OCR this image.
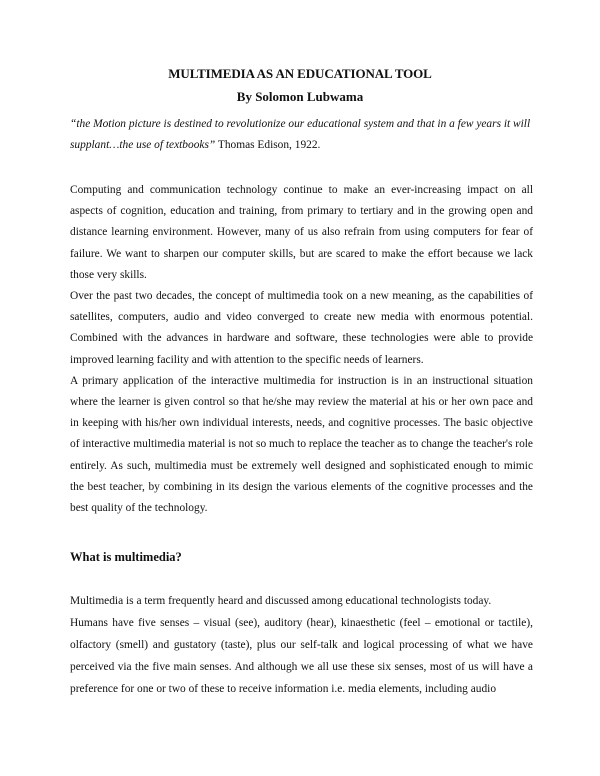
MULTIMEDIA AS AN EDUCATIONAL TOOL
By Solomon Lubwama
“the Motion picture is destined to revolutionize our educational system and that in a few years it will supplant…the use of textbooks” Thomas Edison, 1922.

Computing and communication technology continue to make an ever-increasing impact on all aspects of cognition, education and training, from primary to tertiary and in the growing open and distance learning environment. However, many of us also refrain from using computers for fear of failure. We want to sharpen our computer skills, but are scared to make the effort because we lack those very skills.

Over the past two decades, the concept of multimedia took on a new meaning, as the capabilities of satellites, computers, audio and video converged to create new media with enormous potential. Combined with the advances in hardware and software, these technologies were able to provide improved learning facility and with attention to the specific needs of learners.

A primary application of the interactive multimedia for instruction is in an instructional situation where the learner is given control so that he/she may review the material at his or her own pace and in keeping with his/her own individual interests, needs, and cognitive processes. The basic objective of interactive multimedia material is not so much to replace the teacher as to change the teacher's role entirely. As such, multimedia must be extremely well designed and sophisticated enough to mimic the best teacher, by combining in its design the various elements of the cognitive processes and the best quality of the technology.

What is multimedia?

Multimedia is a term frequently heard and discussed among educational technologists today.

Humans have five senses – visual (see), auditory (hear), kinaesthetic (feel – emotional or tactile), olfactory (smell) and gustatory (taste), plus our self-talk and logical processing of what we have perceived via the five main senses. And although we all use these six senses, most of us will have a preference for one or two of these to receive information i.e. media elements, including audio
